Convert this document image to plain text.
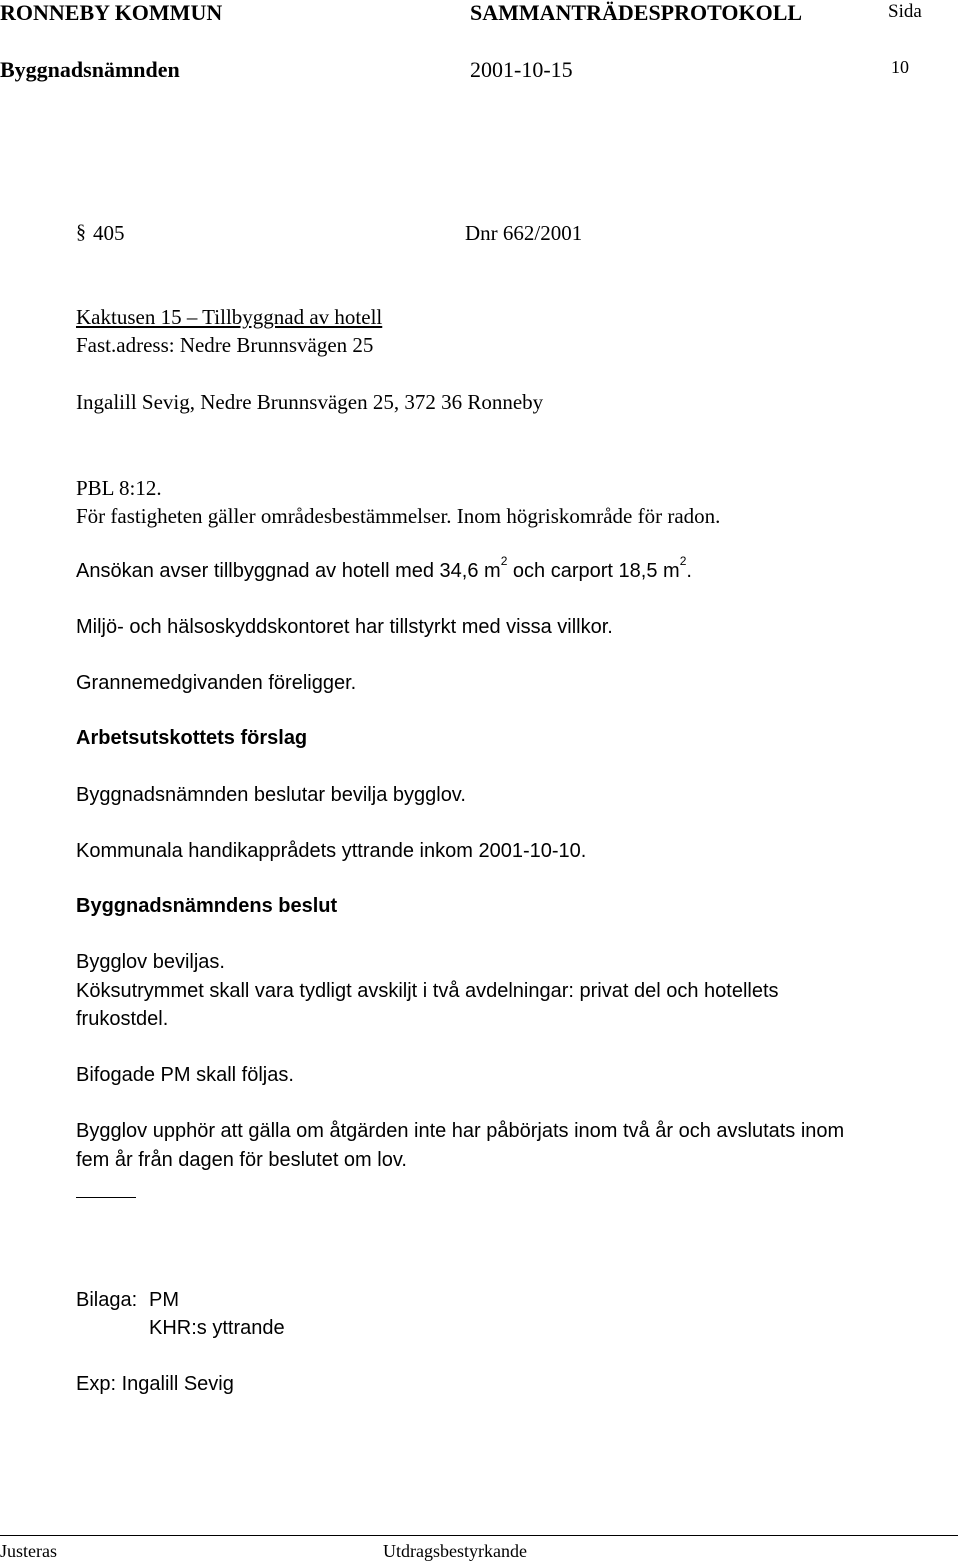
RONNEBY KOMMUN	SAMMANTRÄDESPROTOKOLL	Sida
Byggnadsnämnden	2001-10-15	10
§ 405	Dnr 662/2001
Kaktusen 15 – Tillbyggnad av hotell
Fast.adress: Nedre Brunnsvägen 25
Ingalill Sevig, Nedre Brunnsvägen 25, 372 36 Ronneby
PBL 8:12.
För fastigheten gäller områdesbestämmelser. Inom högriskområde för radon.
Ansökan avser tillbyggnad av hotell med 34,6 $m^2$ och carport 18,5 $m^2$.
Miljö- och hälsoskyddskontoret har tillstyrkt med vissa villkor.
Grannemedgivanden föreligger.
Arbetsutskottets förslag
Byggnadsnämnden beslutar bevilja bygglov.
Kommunala handikapprådets yttrande inkom 2001-10-10.
Byggnadsnämndens beslut
Bygglov beviljas.
Köksutrymmet skall vara tydligt avskiljt i två avdelningar: privat del och hotellets
frukostdel.
Bifogade PM skall följas.
Bygglov upphör att gälla om åtgärden inte har påbörjats inom två år och avslutats inom
fem år från dagen för beslutet om lov.
Bilaga: PM
KHR:s yttrande
Exp: Ingalill Sevig
Justeras	Utdragsbestyrkande
